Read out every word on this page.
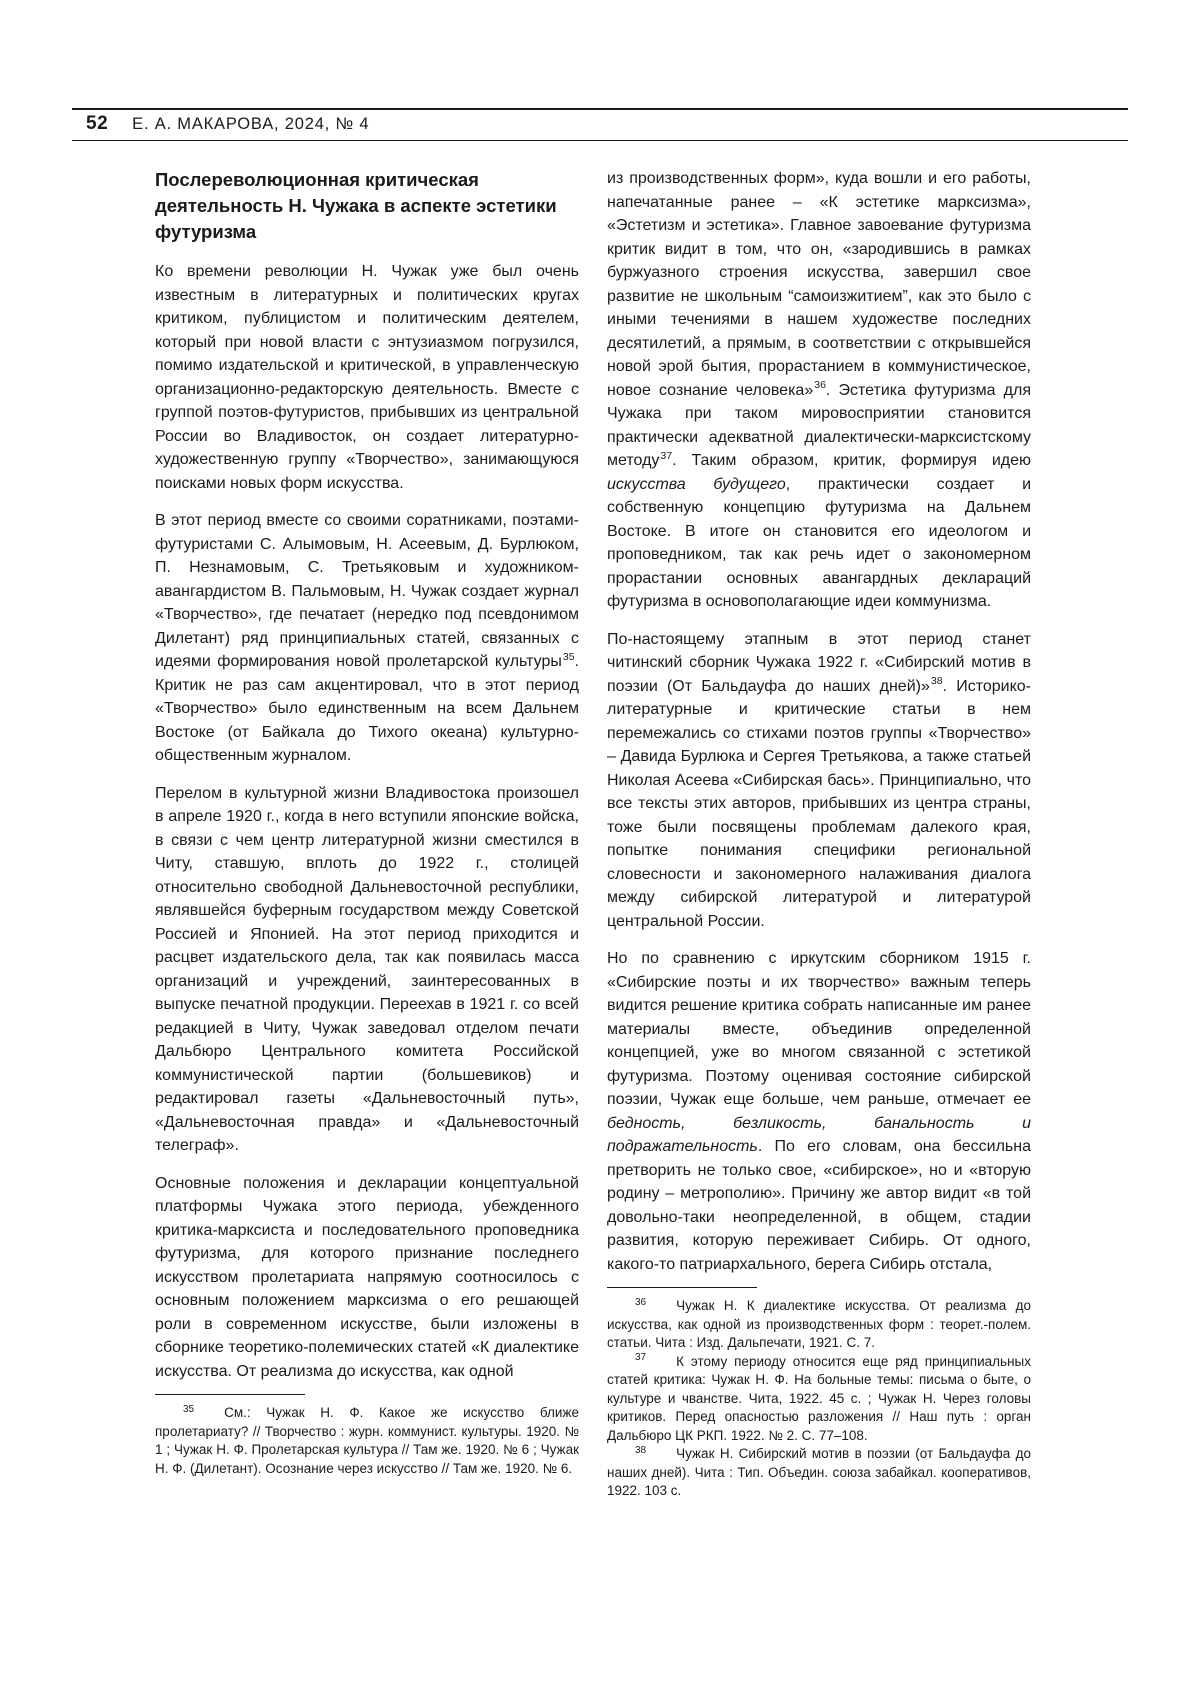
52 Е. А. МАКАРОВА, 2024, № 4
Послереволюционная критическая деятельность Н. Чужака в аспекте эстетики футуризма

Ко времени революции Н. Чужак уже был очень известным в литературных и политических кругах критиком, публицистом и политическим деятелем, который при новой власти с энтузиазмом погрузился, помимо издательской и критической, в управленческую организационно-редакторскую деятельность. Вместе с группой поэтов-футуристов, прибывших из центральной России во Владивосток, он создает литературно-художественную группу «Творчество», занимающуюся поисками новых форм искусства.

В этот период вместе со своими соратниками, поэтами-футуристами С. Алымовым, Н. Асеевым, Д. Бурлюком, П. Незнамовым, С. Третьяковым и художником-авангардистом В. Пальмовым, Н. Чужак создает журнал «Творчество», где печатает (нередко под псевдонимом Дилетант) ряд принципиальных статей, связанных с идеями формирования новой пролетарской культуры$^{35}$. Критик не раз сам акцентировал, что в этот период «Творчество» было единственным на всем Дальнем Востоке (от Байкала до Тихого океана) культурно-общественным журналом.

Перелом в культурной жизни Владивостока произошел в апреле 1920 г., когда в него вступили японские войска, в связи с чем центр литературной жизни сместился в Читу, ставшую, вплоть до 1922 г., столицей относительно свободной Дальневосточной республики, являвшейся буферным государством между Советской Россией и Японией. На этот период приходится и расцвет издательского дела, так как появилась масса организаций и учреждений, заинтересованных в выпуске печатной продукции. Переехав в 1921 г. со всей редакцией в Читу, Чужак заведовал отделом печати Дальбюро Центрального комитета Российской коммунистической партии (большевиков) и редактировал газеты «Дальневосточный путь», «Дальневосточная правда» и «Дальневосточный телеграф».

Основные положения и декларации концептуальной платформы Чужака этого периода, убежденного критика-марксиста и последовательного проповедника футуризма, для которого признание последнего искусством пролетариата напрямую соотносилось с основным положением марксизма о его решающей роли в современном искусстве, были изложены в сборнике теоретико-полемических статей «К диалектике искусства. От реализма до искусства, как одной

$^{35}$ См.: Чужак Н. Ф. Какое же искусство ближе пролетариату? // Творчество : журн. коммунист. культуры. 1920. № 1 ; Чужак Н. Ф. Пролетарская культура // Там же. 1920. № 6 ; Чужак Н. Ф. (Дилетант). Осознание через искусство // Там же. 1920. № 6.

из производственных форм», куда вошли и его работы, напечатанные ранее – «К эстетике марксизма», «Эстетизм и эстетика». Главное завоевание футуризма критик видит в том, что он, «зародившись в рамках буржуазного строения искусства, завершил свое развитие не школьным “самоизжитием”, как это было с иными течениями в нашем художестве последних десятилетий, а прямым, в соответствии с открывшейся новой эрой бытия, прорастанием в коммунистическое, новое сознание человека»$^{36}$. Эстетика футуризма для Чужака при таком мировосприятии становится практически адекватной диалектически-марксистскому методу$^{37}$. Таким образом, критик, формируя идею искусства будущего, практически создает и собственную концепцию футуризма на Дальнем Востоке. В итоге он становится его идеологом и проповедником, так как речь идет о закономерном прорастании основных авангардных деклараций футуризма в основополагающие идеи коммунизма.

По-настоящему этапным в этот период станет читинский сборник Чужака 1922 г. «Сибирский мотив в поэзии (От Бальдауфа до наших дней)»$^{38}$. Историко-литературные и критические статьи в нем перемежались со стихами поэтов группы «Творчество» – Давида Бурлюка и Сергея Третьякова, а также статьей Николая Асеева «Сибирская бась». Принципиально, что все тексты этих авторов, прибывших из центра страны, тоже были посвящены проблемам далекого края, попытке понимания специфики региональной словесности и закономерного налаживания диалога между сибирской литературой и литературой центральной России.

Но по сравнению с иркутским сборником 1915 г. «Сибирские поэты и их творчество» важным теперь видится решение критика собрать написанные им ранее материалы вместе, объединив определенной концепцией, уже во многом связанной с эстетикой футуризма. Поэтому оценивая состояние сибирской поэзии, Чужак еще больше, чем раньше, отмечает ее бедность, безликость, банальность и подражательность. По его словам, она бессильна претворить не только свое, «сибирское», но и «вторую родину – метрополию». Причину же автор видит «в той довольно-таки неопределенной, в общем, стадии развития, которую переживает Сибирь. От одного, какого-то патриархального, берега Сибирь отстала,

$^{36}$ Чужак Н. К диалектике искусства. От реализма до искусства, как одной из производственных форм : теорет.-полем. статьи. Чита : Изд. Дальпечати, 1921. С. 7.

$^{37}$ К этому периоду относится еще ряд принципиальных статей критика: Чужак Н. Ф. На больные темы: письма о быте, о культуре и чванстве. Чита, 1922. 45 с. ; Чужак Н. Через головы критиков. Перед опасностью разложения // Наш путь : орган Дальбюро ЦК РКП. 1922. № 2. С. 77–108.

$^{38}$ Чужак Н. Сибирский мотив в поэзии (от Бальдауфа до наших дней). Чита : Тип. Объедин. союза забайкал. кооперативов, 1922. 103 с.
